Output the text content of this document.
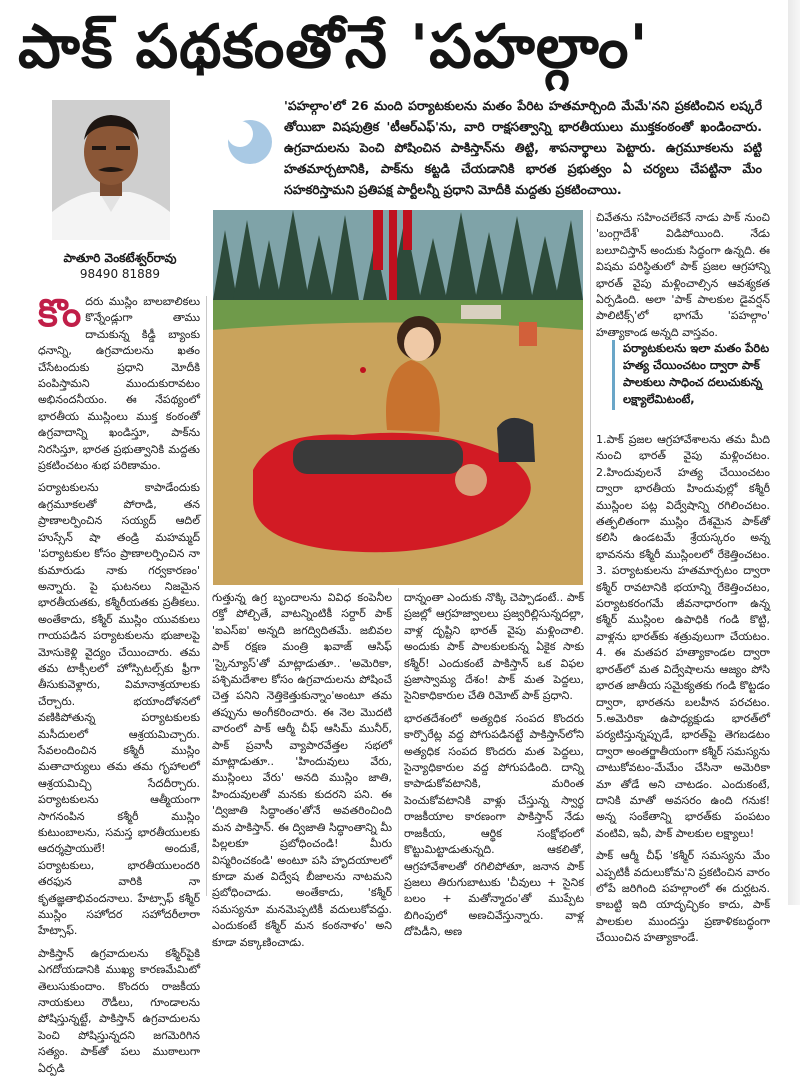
పాక్ పథకంతోనే 'పహల్గాం'
పాతూరి వెంకటేశ్వర్‌రావు
98490 81889
'పహల్గాం'లో 26 మంది పర్యాటకులను మతం పేరిట హతమార్చింది మేమే'నని ప్రకటించిన లష్కరే తోయిబా విషపుత్రిక 'టీఆర్‌ఎఫ్'ను, వారి రాక్షసత్వాన్ని భారతీయులు ముక్తకంఠంతో ఖండించారు. ఉగ్రవాదులను పెంచి పోషించిన పాకిస్తాన్‌ను తిట్టి, శాపనార్థాలు పెట్టారు. ఉగ్రమూకలను పట్టి హతమార్చటానికి, పాక్‌ను కట్టడి చేయడానికి భారత ప్రభుత్వం ఏ చర్యలు చేపట్టినా మేం సహకరిస్తామని ప్రతిపక్ష పార్టీలన్నీ ప్రధాని మోదీకి మద్దతు ప్రకటించాయి.

కొందరు ముస్లిం బాలబాలికలు కొన్నేండ్లుగా తాము దాచుకున్న కిడ్డీ బ్యాంకు ధనాన్ని, ఉగ్రవాదులను ఖతం చేసేటందుకు ప్రధాని మోదీకి పంపిస్తామని ముందుకురావటం అభినందనీయం. ఈ నేపథ్యంలో భారతీయ ముస్లింలు ముక్త కంఠంతో ఉగ్రవాదాన్ని ఖండిస్తూ, పాక్‌ను నిరసిస్తూ, భారత ప్రభుత్వానికి మద్దతు ప్రకటించటం శుభ పరిణామం.

పర్యాటకులను కాపాడేందుకు ఉగ్రమూకలతో పోరాడి, తన ప్రాణాలర్పించిన సయ్యద్ ఆదిల్ హుస్సేన్ షా తండ్రి మహమ్మద్ 'పర్యాటకుల కోసం ప్రాణాలర్పించిన నా కుమారుడు నాకు గర్వకారణం' అన్నారు. పై ఘటనలు నిజమైన భారతీయతకు, కశ్మీరీయతకు ప్రతీకలు. అంతేకాదు, కశ్మీర్ ముస్లిం యువకులు గాయపడిన పర్యాటకులను భుజాలపై మోసుకెళ్లి వైద్యం చేయించారు. తమ తమ టాక్సీలలో హోస్పిటల్స్‌కు ఫ్రీగా తీసుకువెళ్లారు, విమానాశ్రయాలకు చేర్చారు. భయాందోళనలో వణికిపోతున్న పర్యాటకులకు మసీదులలో ఆశ్రయమిచ్చారు. సేవలందించిన కశ్మీరీ ముస్లిం మతాచార్యులు తమ తమ గృహాలలో ఆశ్రయమిచ్చి సేదదీర్చారు. పర్యాటకులను ఆత్మీయంగా సాగనంపిన కశ్మీరీ ముస్లిం కుటుంబాలను, సమస్త భారతీయులకు ఆదర్శప్రాయులే! అందుకే, పర్యాటకులు, భారతీయులందరి తరఫున వారికి నా కృతజ్ఞతాభివందనాలు. హేట్సాఫ్ కశ్మీర్ ముస్లిం సహోదర సహోదరీలారా హేట్సాఫ్.

పాకిస్తాన్ ఉగ్రవాదులను కశ్మీర్‌పైకి ఎగదోయడానికి ముఖ్య కారణమేమిటో తెలుసుకుందాం. కొందరు రాజకీయ నాయకులు రౌడీలు, గూండాలను పోషిస్తున్నట్టే, పాకిస్తాన్ ఉగ్రవాదులను పెంచి పోషిస్తున్నదని జగమెరిగిన సత్యం. పాక్‌తో పలు ముఠాలుగా ఏర్పడి

గుత్తున్న ఉగ్ర బృందాలను వివిధ కంపెనీల రక్తో పోల్చితే, వాటన్నింటికీ సర్దార్ పాక్ 'ఐఎస్ఐ' అన్నది జగద్విదితమే. జబివల పాక్ రక్షణ మంత్రి ఖవాజ్ ఆసిఫ్ 'స్కైన్యూస్'తో మాట్లాడుతూ.. 'అమెరికా, పశ్చిమదేశాల కోసం ఉగ్రవాదులను పోషించే చెత్త పనిని నెత్తికెత్తుకున్నాం'అంటూ తమ తప్పును అంగీకరించారు. ఈ నెల మొదటి వారంలో పాక్ ఆర్మీ చీఫ్ ఆసిమ్ మునీర్, పాక్ ప్రవాసీ వ్యాపారవేత్తల సభలో మాట్లాడుతూ.. 'హిందువులు వేరు, ముస్లింలు వేరు' అనది ముస్లిం జాతి, హిందువులతో మనకు కుదరని పని. ఈ 'ద్విజాతి సిద్ధాంతం'తోనే అవతరించింది మన పాకిస్తాన్. ఈ ద్విజాతి సిద్ధాంతాన్ని మీ పిల్లలకూ ప్రబోధించండి! మీరు విస్మరించకండి' అంటూ పసి హృదయాలలో కూడా మత విద్వేష బీజాలను నాటమని ప్రబోధించాడు. అంతేకాదు, 'కశ్మీర్ సమస్యనూ మనమెప్పటికీ వదులుకోవద్దు. ఎందుకంటే కశ్మీర్ మన కంఠనాళం' అని కూడా వక్కాణించాడు.

దాన్నంతా ఎందుకు నొక్కి చెప్పాడంటే.. పాక్ ప్రజల్లో ఆగ్రహజ్వాలలు ప్రజ్వరిల్లిసున్నదల్లా, వాళ్ల దృష్టిని భారత్ వైపు మళ్లించాలి. అందుకు పాక్ పాలకులకున్న ఏకైక సాకు కశ్మీర్! ఎందుకంటే పాకిస్తాన్ ఒక విఫల ప్రజాస్వామ్య దేశం! పాక్ మత పెద్దలు, సైనికాధికారుల చేతి రిమోట్ పాక్ ప్రధాని.

భారతదేశంలో అత్యధిక సంపద కొందరు కార్పొరేట్ల వద్ద పోగుపడినట్టే పాకిస్తాన్‌లోని అత్యధిక సంపద కొందరు మత పెద్దలు, సైన్యాధికారుల వద్ద పోగుపడింది. దాన్ని కాపాడుకోవటానికి, మరింత పెంచుకోవటానికి వాళ్లు చేస్తున్న స్వార్థ రాజకీయాల కారణంగా పాకిస్తాన్ నేడు రాజకీయ, ఆర్థిక సంక్షోభంలో కొట్టుమిట్టాడుతున్నది. ఆకలితో, ఆగ్రహావేశాలతో రగిలిపోతూ, జనాన పాక్ ప్రజలు తిరుగుబాటుకు 'చీవులు + సైనిక బలం + మతోన్మాదం'తో ముప్పేట బిగింపులో అణచివేస్తున్నారు. వాళ్ల దోపిడీని, అణ

చివేతను సహించలేకనే నాడు పాక్ నుంచి 'బంగ్లాదేశ్' విడిపోయింది. నేడు బలూచిస్తాన్ అందుకు సిద్ధంగా ఉన్నది. ఈ విషమ పరిస్థితులో పాక్ ప్రజల ఆగ్రహాన్ని భారత్ వైపు మళ్లించాల్సిన ఆవశ్యకత ఏర్పడింది. అలా 'పాక్ పాలకుల డైవర్షన్ పాలిటిక్స్'లో భాగమే 'పహల్గాం' హత్యాకాండ అన్నది వాస్తవం.

పర్యాటకులను ఇలా మతం పేరిట హత్య చేయించటం ద్వారా పాక్ పాలకులు సాధించ దలుచుకున్న లక్ష్యాలేమిటంటే,

1.పాక్ ప్రజల ఆగ్రహావేశాలను తమ మీది నుంచి భారత్ వైపు మళ్లించటం. 2.హిందువులనే హత్య చేయించటం ద్వారా భారతీయ హిందువుల్లో కశ్మీరీ ముస్లింల పట్ల విద్వేషాన్ని రగిలించటం. తత్ఫలితంగా ముస్లిం దేశమైన పాక్‌తో కలిసి ఉండటమే శ్రేయస్కరం అన్న భావనను కశ్మీరీ ముస్లింలలో రేకెత్తించటం. 3. పర్యాటకులను హతమార్చటం ద్వారా కశ్మీర్ రావటానికి భయాన్ని రేకెత్తించటం, పర్యాటకరంగమే జీవనాధారంగా ఉన్న కశ్మీర్ ముస్లింల ఉపాధికి గండి కొట్టి, వాళ్లను భారత్‌కు శత్రువులుగా చేయటం. 4. ఈ మతపర హత్యాకాండల ద్వారా భారత్‌లో మత విద్వేషాలను ఆజ్యం పోసి భారత జాతీయ సమైక్యతకు గండి కొట్టడం ద్వారా, భారతను బలహీన పరచటం. 5.అమెరికా ఉపాధ్యక్షుడు భారత్‌లో పర్యటిస్తున్నప్పుడే, భారత్‌పై తెగబడటం ద్వారా అంతర్జాతీయంగా కశ్మీర్ సమస్యను చాటుకోవటం-మేమేం చేసినా అమెరికా మా తోడే అని చాటడం. ఎందుకంటే, దానికి మాతో అవసరం ఉంది గనుక! అన్న సంకేతాన్ని భారత్‌కు పంపటం వంటివి, ఇవీ, పాక్ పాలకుల లక్ష్యాలు!

పాక్ ఆర్మీ చీఫ్ 'కశ్మీర్ సమస్యను మేం ఎప్పటికీ వదులుకోమ'ని ప్రకటించిన వారం లోపే జరిగింది పహల్గాంలో ఈ దుర్ఘటన. కాబట్టి ఇది యాదృచ్ఛికం కాదు, పాక్ పాలకుల ముందస్తు ప్రణాళికబద్ధంగా చేయించిన హత్యాకాండే.
